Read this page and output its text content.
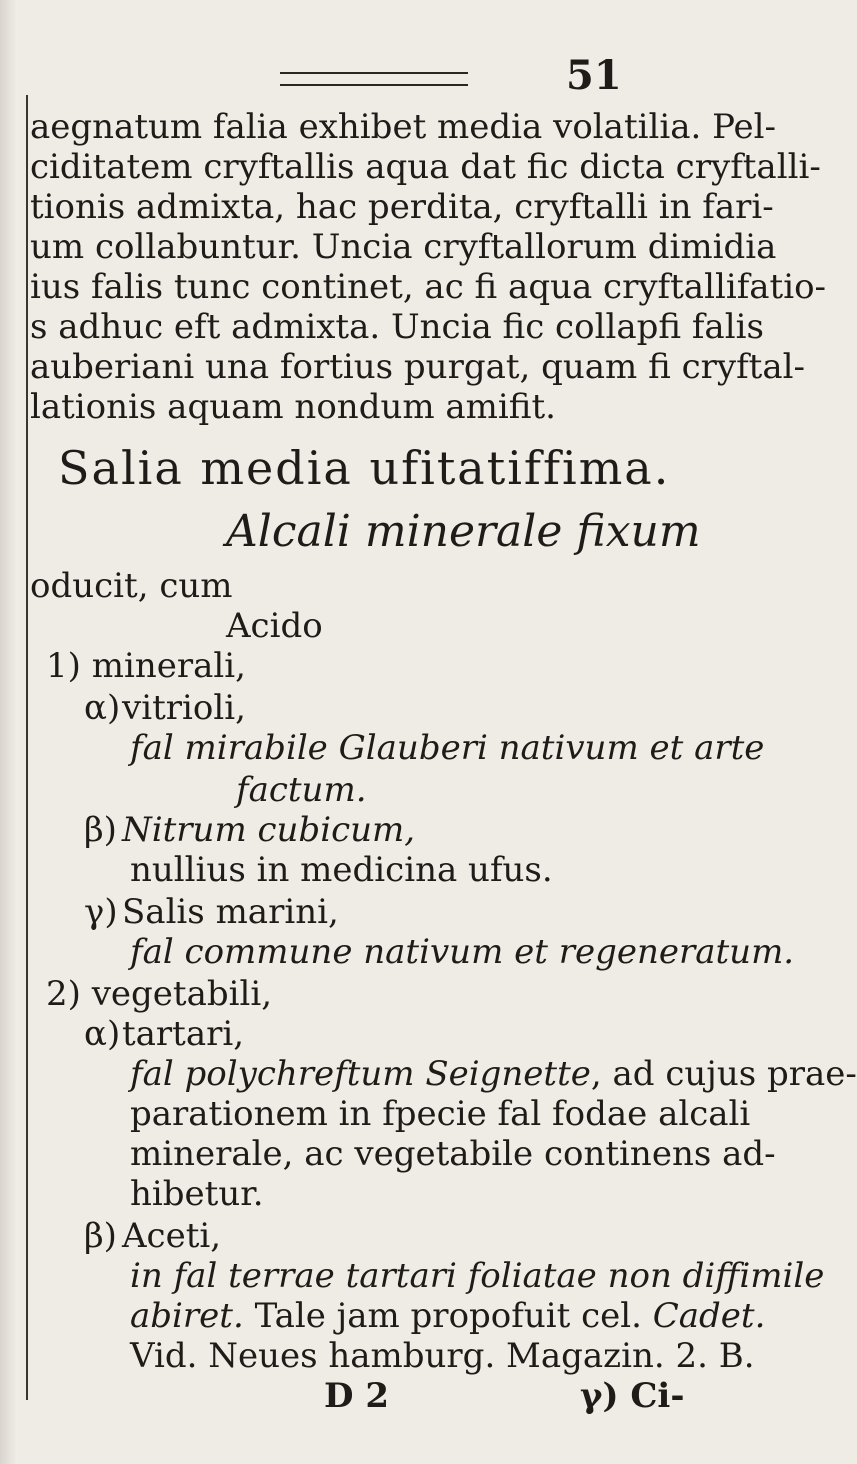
51

aegnatum falia exhibet media volatilia. Pel-

ciditatem cryftallis aqua dat fic dicta cryftalli-

tionis admixta, hac perdita, cryftalli in fari-

um collabuntur. Uncia cryftallorum dimidia

ius falis tunc continet, ac fi aqua cryftallifatio-

s adhuc eft admixta. Uncia fic collapfi falis

auberiani una fortius purgat, quam fi cryftal-

lationis aquam nondum amifit.

Salia media ufitatiffima.

Alcali minerale fixum

oducit, cum

Acido

1) minerali,

α)vitrioli,

fal mirabile Glauberi nativum et arte

factum.

β) Nitrum cubicum,

nullius in medicina ufus.

γ) Salis marini,

fal commune nativum et regeneratum.

2) vegetabili,

α)tartari,

fal polychreftum Seignette, ad cujus prae-

parationem in fpecie fal fodae alcali

minerale, ac vegetabile continens ad-

hibetur.

β) Aceti,

in fal terrae tartari foliatae non diffimile

abiret. Tale jam propofuit cel. Cadet.

Vid. Neues hamburg. Magazin. 2. B.

D 2	γ) Ci-
